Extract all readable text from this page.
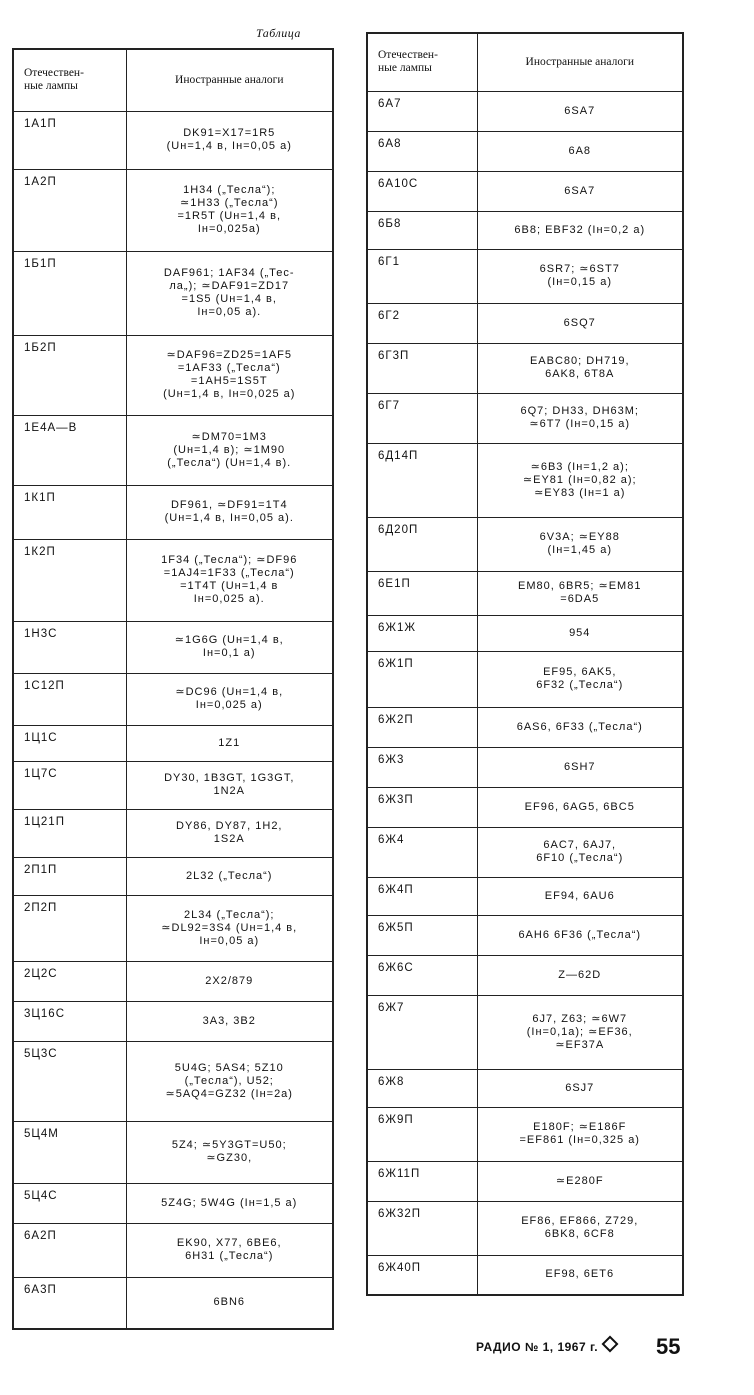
Таблица
Отечествен-
ные лампы	Иностранные аналоги
1А1П	DK91=X17=1R5
(Uн=1,4 в, Iн=0,05 а)
1А2П	1H34 („Тесла“);
≃1H33 („Тесла“)
=1R5T (Uн=1,4 в,
Iн=0,025а)
1Б1П	DAF961; 1AF34 („Тес-
ла„); ≃DAF91=ZD17
=1S5 (Uн=1,4 в,
Iн=0,05 а).
1Б2П	≃DAF96=ZD25=1AF5
=1AF33 („Тесла“)
=1AH5=1S5T
(Uн=1,4 в, Iн=0,025 а)
1Е4А—В	≃DM70=1M3
(Uн=1,4 в); ≃1M90
(„Тесла“) (Uн=1,4 в).
1К1П	DF961, ≃DF91=1T4
(Uн=1,4 в, Iн=0,05 а).
1К2П	1F34 („Тесла“); ≃DF96
=1AJ4=1F33 („Тесла“)
=1T4T (Uн=1,4 в
Iн=0,025 а).
1Н3С	≃1G6G (Uн=1,4 в,
Iн=0,1 а)
1С12П	≃DC96 (Uн=1,4 в,
Iн=0,025 а)
1Ц1С	1Z1
1Ц7С	DY30, 1B3GT, 1G3GT,
1N2A
1Ц21П	DY86, DY87, 1H2,
1S2A
2П1П	2L32 („Тесла“)
2П2П	2L34 („Тесла“);
≃DL92=3S4 (Uн=1,4 в,
Iн=0,05 а)
2Ц2С	2X2/879
3Ц16С	3A3, 3B2
5Ц3С	5U4G; 5AS4; 5Z10
(„Тесла“), U52;
≃5AQ4=GZ32 (Iн=2а)
5Ц4М	5Z4; ≃5Y3GT=U50;
≃GZ30,
5Ц4С	5Z4G; 5W4G (Iн=1,5 а)
6А2П	EK90, X77, 6BE6,
6H31 („Тесла“)
6А3П	6BN6
Отечествен-
ные лампы	Иностранные аналоги
6А7	6SA7
6А8	6A8
6А10С	6SA7
6Б8	6B8; EBF32 (Iн=0,2 а)
6Г1	6SR7; ≃6ST7
(Iн=0,15 а)
6Г2	6SQ7
6Г3П	EABC80; DH719,
6AK8, 6T8A
6Г7	6Q7; DH33, DH63M;
≃6T7 (Iн=0,15 а)
6Д14П	≃6B3 (Iн=1,2 а);
≃EY81 (Iн=0,82 а);
≃EY83 (Iн=1 а)
6Д20П	6V3A; ≃EY88
(Iн=1,45 а)
6Е1П	EM80, 6BR5; ≃EM81
=6DA5
6Ж1Ж	954
6Ж1П	EF95, 6AK5,
6F32 („Тесла“)
6Ж2П	6AS6, 6F33 („Тесла“)
6Ж3	6SH7
6Ж3П	EF96, 6AG5, 6BC5
6Ж4	6AC7, 6AJ7,
6F10 („Тесла“)
6Ж4П	EF94, 6AU6
6Ж5П	6AH6 6F36 („Тесла“)
6Ж6С	Z—62D
6Ж7	6J7, Z63; ≃6W7
(Iн=0,1а); ≃EF36,
≃EF37A
6Ж8	6SJ7
6Ж9П	E180F; ≃E186F
=EF861 (Iн=0,325 а)
6Ж11П	≃E280F
6Ж32П	EF86, EF866, Z729,
6BK8, 6CF8
6Ж40П	EF98, 6ET6
РАДИО № 1, 1967 г.	55
